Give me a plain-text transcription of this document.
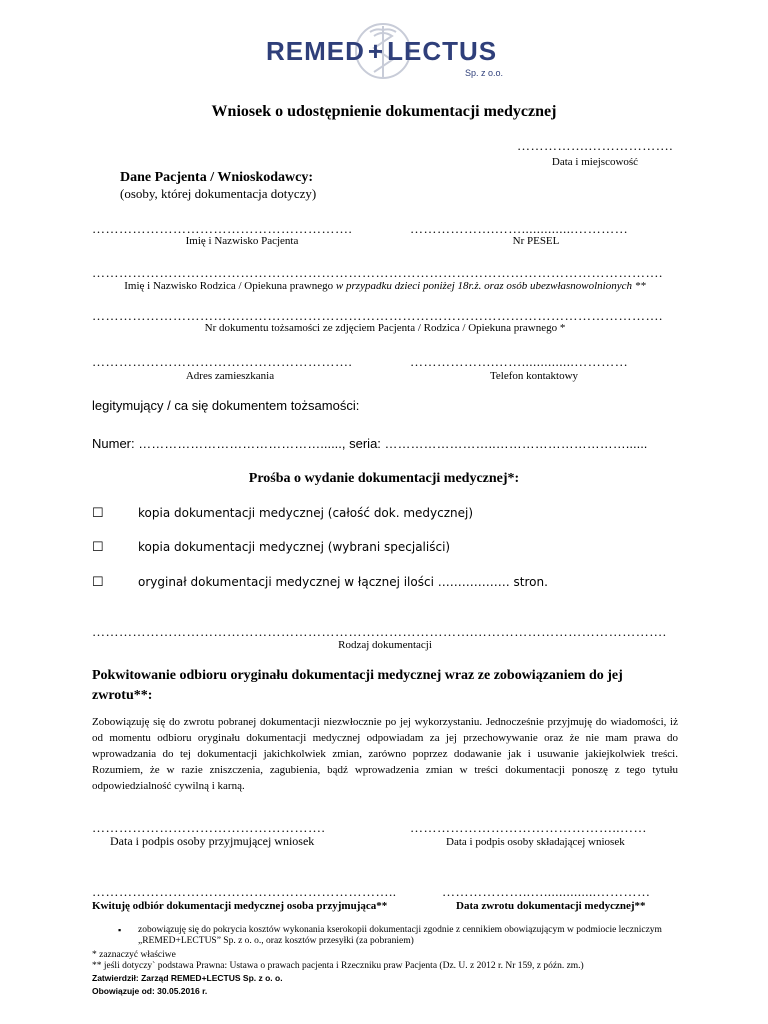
REMED + LECTUS
Sp. z o.o.
Wniosek o udostępnienie dokumentacji medycznej
…………….……………….
Data i miejscowość
Dane Pacjenta / Wnioskodawcy:
(osoby, której dokumentacja dotyczy)
………………………………………………….
Imię i Nazwisko Pacjenta
……………….……..............…………
Nr PESEL
……………………………………………………………………………………………………………….
Imię i Nazwisko Rodzica / Opiekuna prawnego w przypadku dzieci poniżej 18r.ż. oraz osób ubezwłasnowolnionych **
……………………………………………………………………………………………………………….
Nr dokumentu tożsamości ze zdjęciem Pacjenta / Rodzica / Opiekuna prawnego *
………………………………………………….
Adres zamieszkania
……………….……..............…………
Telefon kontaktowy
legitymujący / ca się dokumentem tożsamości:
Numer: ……………………………………......, seria: ……………………..…………………………......
Prośba o wydanie dokumentacji medycznej*:
☐	kopia dokumentacji medycznej (całość dok. medycznej)
☐	kopia dokumentacji medycznej (wybrani specjaliści)
☐	oryginał dokumentacji medycznej w łącznej ilości ……………… stron.
………………………………………………………………………….…………………………………….
Rodzaj dokumentacji
Pokwitowanie odbioru oryginału dokumentacji medycznej wraz ze zobowiązaniem do jej zwrotu**:
Zobowiązuję się do zwrotu pobranej dokumentacji niezwłocznie po jej wykorzystaniu. Jednocześnie przyjmuję do wiadomości, iż od momentu odbioru oryginału dokumentacji medycznej odpowiadam za jej przechowywanie oraz że nie mam prawa do wprowadzania do tej dokumentacji jakichkolwiek zmian, zarówno poprzez dodawanie jak i usuwanie jakiejkolwiek treści. Rozumiem, że w razie zniszczenia, zagubienia, bądź wprowadzenia zmian w treści dokumentacji ponoszę z tego tytułu odpowiedzialność cywilną i karną.
…………………………………………….
Data i podpis osoby przyjmującej wniosek
………………………………………..……
Data i podpis osoby składającej wniosek
…………………………………………………………..
Kwituję odbiór dokumentacji medycznej osoba przyjmująca**
………………..…..............…………
Data zwrotu dokumentacji medycznej**
▪ zobowiązuję się do pokrycia kosztów wykonania kserokopii dokumentacji zgodnie z cennikiem obowiązującym w podmiocie leczniczym „REMED+LECTUS” Sp. z o. o., oraz kosztów przesyłki (za pobraniem)
* zaznaczyć właściwe
** jeśli dotyczy` podstawa Prawna: Ustawa o prawach pacjenta i Rzeczniku praw Pacjenta (Dz. U. z 2012 r. Nr 159, z późn. zm.)
Zatwierdził: Zarząd REMED+LECTUS Sp. z o. o.
Obowiązuje od: 30.05.2016 r.
